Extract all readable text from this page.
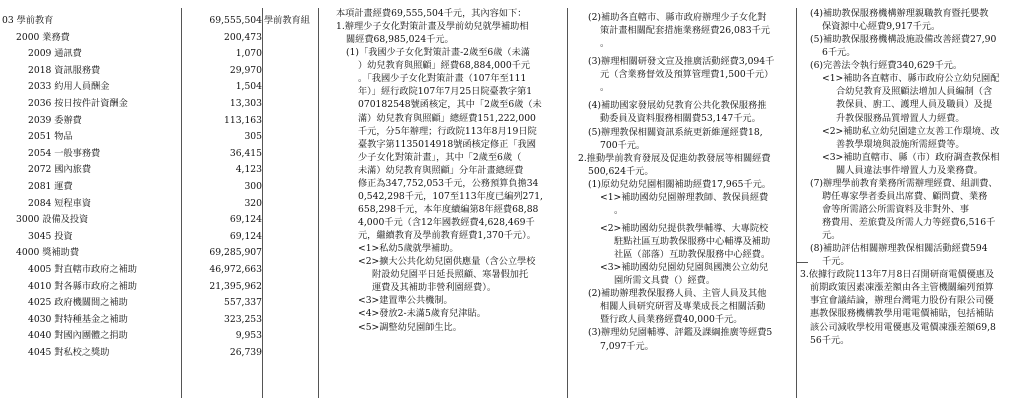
03 學前教育	69,555,504 學前教育組
2000 業務費	200,473
2009 通訊費	1,070
2018 資訊服務費	29,970
2033 約用人員酬金	1,504
2036 按日按件計資酬金	13,303
2039 委辦費	113,163
2051 物品	305
2054 一般事務費	36,415
2072 國內旅費	4,123
2081 運費	300
2084 短程車資	320
3000 設備及投資	69,124
3045 投資	69,124
4000 獎補助費	69,285,907
4005 對直轄市政府之補助	46,972,663
4010 對各縣市政府之補助	21,395,962
4025 政府機關間之補助	557,337
4030 對特種基金之補助	323,253
4040 對國內團體之捐助	9,953
4045 對私校之獎助	26,739
本項計畫經費69,555,504千元，其內容如下：
1.辦理少子女化對策計畫及學前幼兒就學補助相
關經費68,985,024千元。
(1)「我國少子女化對策計畫-2歲至6歲（未滿
）幼兒教育與照顧」經費68,884,000千元
。「我國少子女化對策計畫（107年至111
年）」經行政院107年7月25日院臺教字第1
070182548號函核定，其中「2歲至6歲（未
滿）幼兒教育與照顧」總經費151,222,000
千元，分5年辦理；行政院113年8月19日院
臺教字第1135014918號函核定修正「我國
少子女化對策計畫」，其中「2歲至6歲（
未滿）幼兒教育與照顧」分年計畫總經費
修正為347,752,053千元，公務預算負擔34
0,542,298千元，107至113年度已編列271,
658,298千元，本年度續編第8年經費68,88
4,000千元（含12年國教經費4,628,469千
元，繼續教育及學前教育經費1,370千元）。
<1>私幼5歲就學補助。
<2>擴大公共化幼兒園供應量（含公立學校
附設幼兒園平日延長照顧、寒暑假加托
運費及其補助非營利園經費）。
<3>建置準公共機制。
<4>發放2-未滿5歲育兒津貼。
<5>調整幼兒園師生比。
(2)補助各直轄市、縣市政府辦理少子女化對
策計畫相關配套措施業務經費26,083千元
。
(3)辦理相關研發文宣及推廣活動經費3,094千
元（含業務督效及預算管理費1,500千元）
。
(4)補助國家發展幼兒教育公共化教保服務推
動委員及資料服務相關費53,147千元。
(5)辦理教保相關資訊系統更新維運經費18,
700千元。
2.推動學前教育發展及促進幼教發展等相關經費
500,624千元。
(1)原幼兒幼兒園相關補助經費17,965千元。
<1>補助國幼兒園辦理教師、教保員經費
。
<2>補助國幼兒提供教學輔導、大專院校
駐點社區互助教保服務中心輔導及補助
社區（部落）互助教保服務中心經費。
<3>補助國幼兒園幼兒園與國澳公立幼兒
園所需文具費（）經費。
(2)補助辦理教保服務人員、主管人員及其他
相關人員研究研習及專業成長之相關活動
暨行政人員業務經費40,000千元。
(3)辦理幼兒園輔導、評鑑及課綱推廣等經費5
7,097千元。
(4)補助教保服務機構辦理親職教育暨托嬰教
保資源中心經費9,917千元。
(5)補助教保服務機構設施設備改善經費27,90
6千元。
(6)完善法令執行經費340,629千元。
<1>補助各直轄市、縣市政府公立幼兒園配
合幼兒教育及照顧法增加人員編制（含
教保員、廚工、護理人員及職員）及提
升教保服務品質增置人力經費。
<2>補助私立幼兒園建立友善工作環境、改
善教學環境與設施所需經費等。
<3>補助直轄市、縣（市）政府調查教保相
關人員違法事件增置人力及業務費。
(7)辦理學前教育業務所需辦理經費、組訓費、
聘任專家學者委員出席費、顧問費、業務
會等所需諮公所需資料及非對外、事
務費用、差旅費及所需人力等經費6,516千
元。
(8)補助評估相關辦理教保相關活動經費594
千元。
3.依據行政院113年7月8日召開研商電價優惠及
前期政策因素凍漲差額由各主管機關編列預算
事宜會議結論，辦理台灣電力股份有限公司優
惠教保服務機構教學用電電價補貼，包括補貼
該公司減收學校用電優惠及電價凍漲差額69,8
56千元。
